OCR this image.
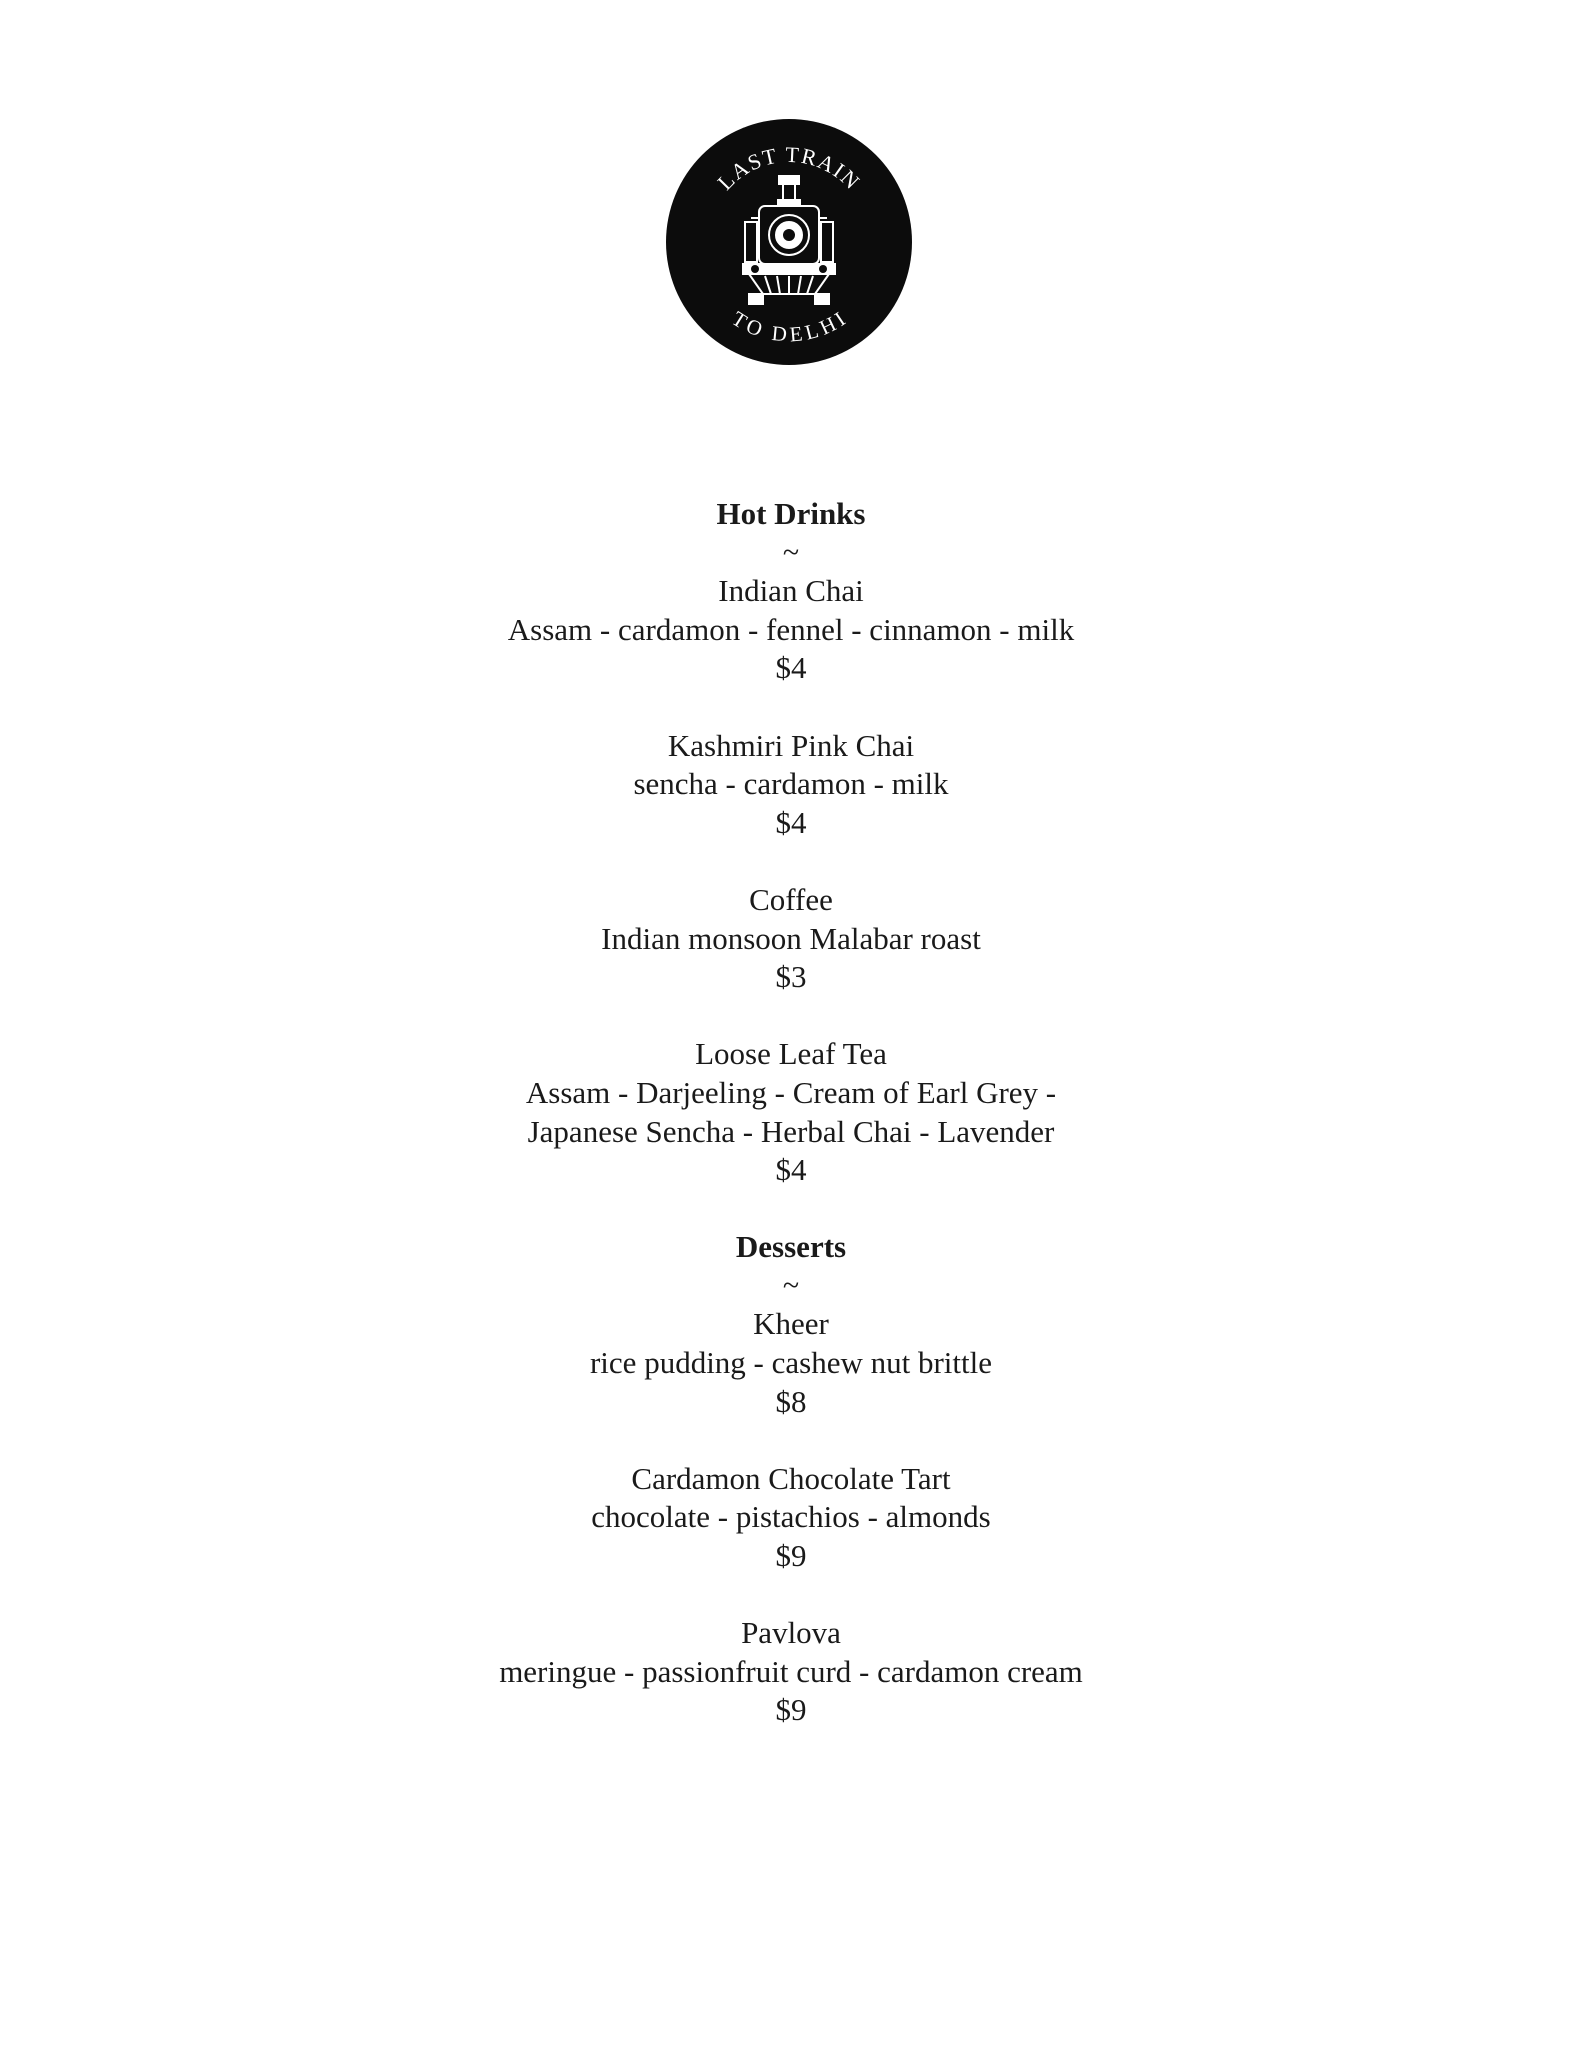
LAST TRAIN
TO DELHI
Hot Drinks
~
Indian Chai
Assam - cardamon - fennel - cinnamon - milk
$4
Kashmiri Pink Chai
sencha - cardamon - milk
$4
Coffee
Indian monsoon Malabar roast
$3
Loose Leaf Tea
Assam - Darjeeling - Cream of Earl Grey -
Japanese Sencha - Herbal Chai - Lavender
$4
Desserts
~
Kheer
rice pudding - cashew nut brittle
$8
Cardamon Chocolate Tart
chocolate - pistachios - almonds
$9
Pavlova
meringue - passionfruit curd - cardamon cream
$9
